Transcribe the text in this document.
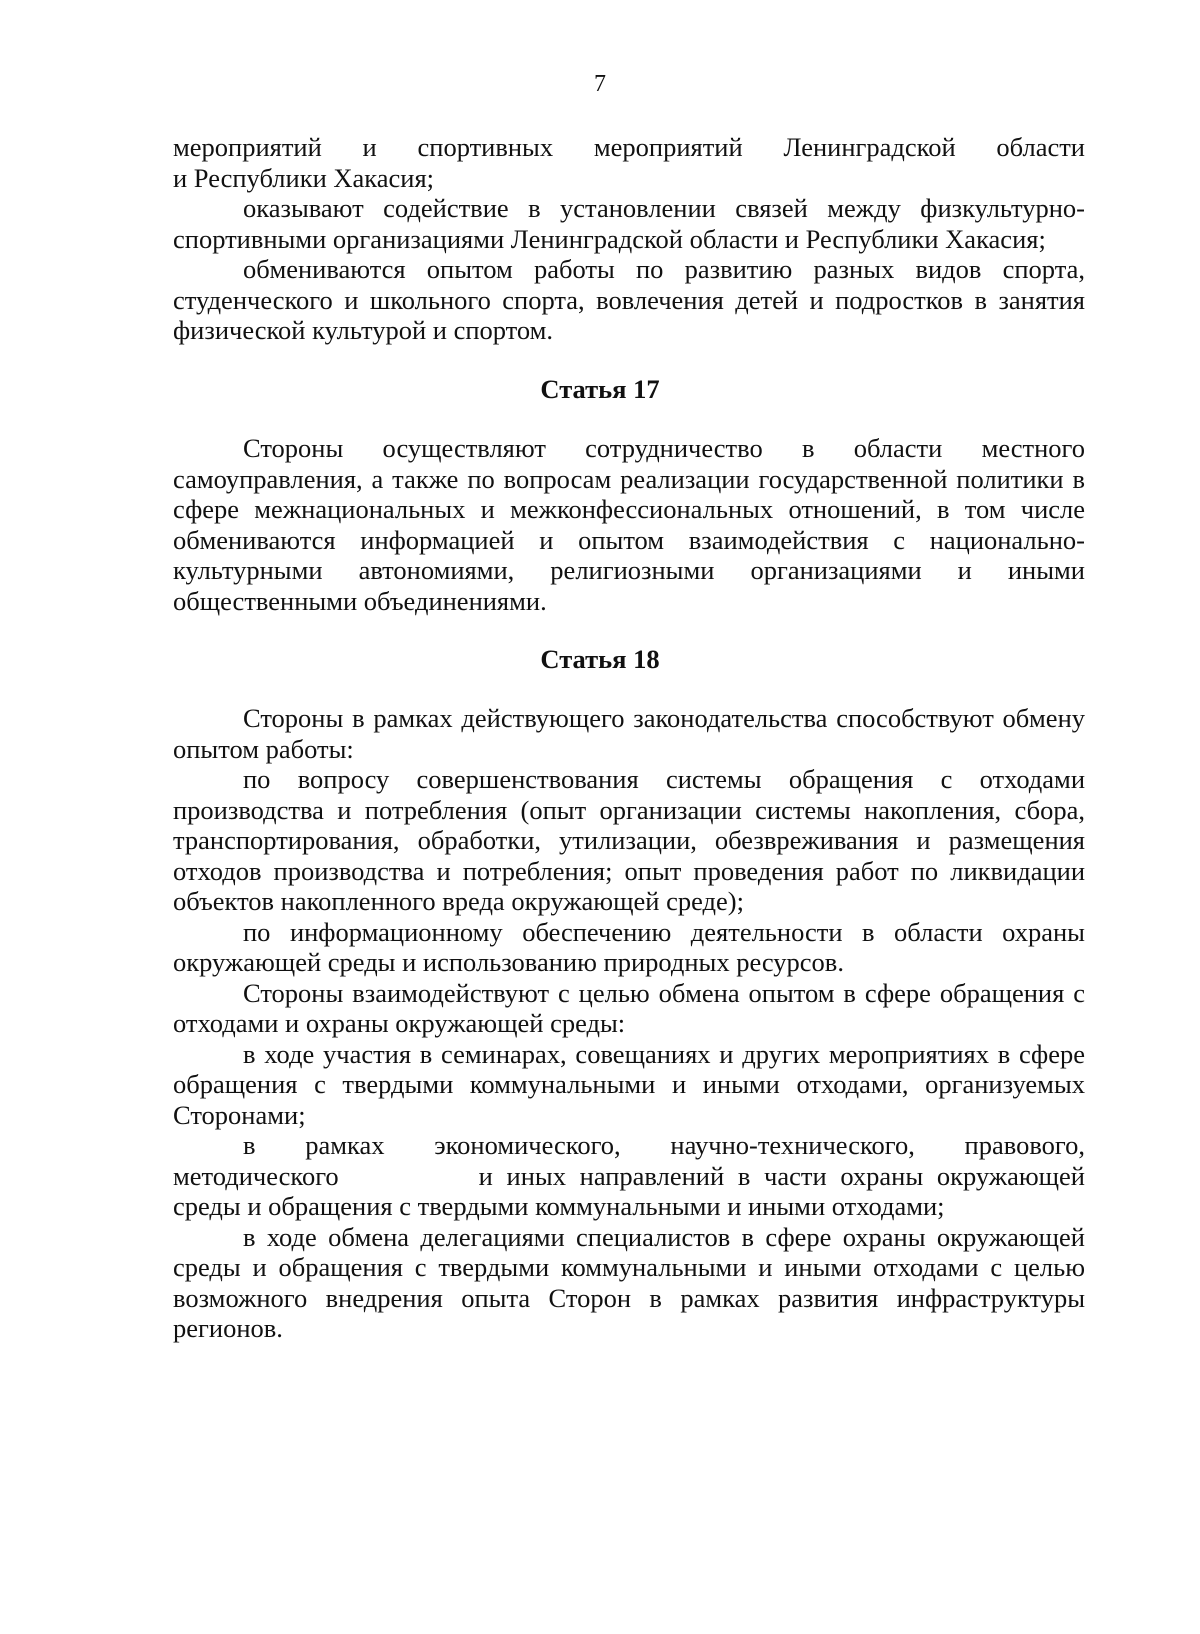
7

мероприятий и спортивных мероприятий Ленинградской области

и Республики Хакасия;

оказывают содействие в установлении связей между физкультурно-спортивными организациями Ленинградской области и Республики Хакасия;

обмениваются опытом работы по развитию разных видов спорта, студенческого и школьного спорта, вовлечения детей и подростков в занятия физической культурой и спортом.

Статья 17

Стороны осуществляют сотрудничество в области местного самоуправления, а также по вопросам реализации государственной политики в сфере межнациональных и межконфессиональных отношений, в том числе обмениваются информацией и опытом взаимодействия с национально-культурными автономиями, религиозными организациями и иными общественными объединениями.

Статья 18

Стороны в рамках действующего законодательства способствуют обмену опытом работы:

по вопросу совершенствования системы обращения с отходами производства и потребления (опыт организации системы накопления, сбора, транспортирования, обработки, утилизации, обезвреживания и размещения отходов производства и потребления; опыт проведения работ по ликвидации объектов накопленного вреда окружающей среде);

по информационному обеспечению деятельности в области охраны окружающей среды и использованию природных ресурсов.

Стороны взаимодействуют с целью обмена опытом в сфере обращения с отходами и охраны окружающей среды:

в ходе участия в семинарах, совещаниях и других мероприятиях в сфере обращения с твердыми коммунальными и иными отходами, организуемых Сторонами;

в рамках экономического, научно-технического, правового,

методического	и иных направлений в части охраны окружающей среды и обращения с твердыми коммунальными и иными отходами;

в ходе обмена делегациями специалистов в сфере охраны окружающей среды и обращения с твердыми коммунальными и иными отходами с целью возможного внедрения опыта Сторон в рамках развития инфраструктуры регионов.
